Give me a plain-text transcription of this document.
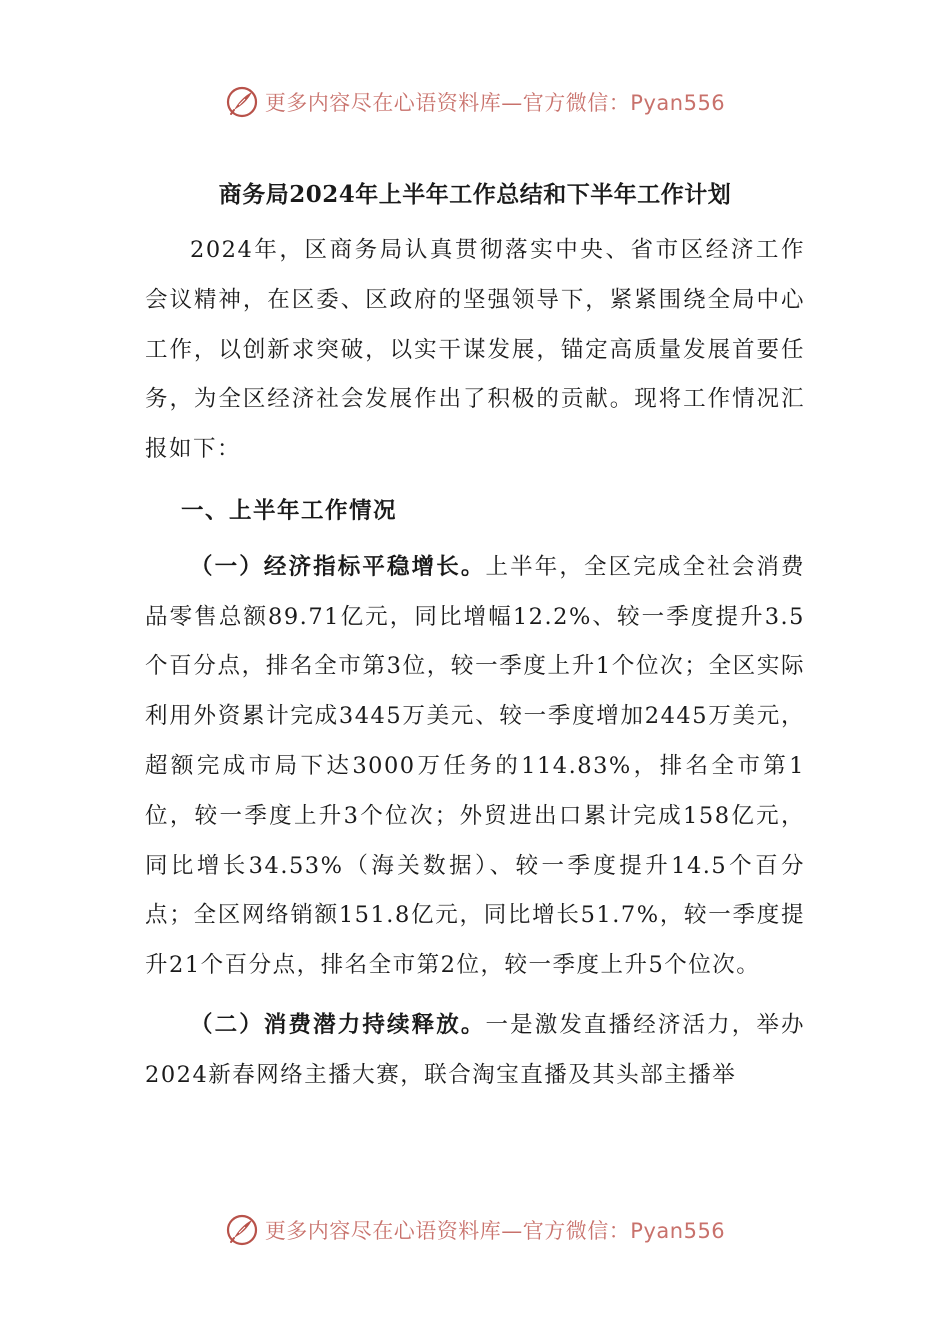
更多内容尽在心语资料库—官方微信：Pyan556
商务局2024年上半年工作总结和下半年工作计划

2024年，区商务局认真贯彻落实中央、省市区经济工作会议精神，在区委、区政府的坚强领导下，紧紧围绕全局中心工作，以创新求突破，以实干谋发展，锚定高质量发展首要任务，为全区经济社会发展作出了积极的贡献。现将工作情况汇报如下：

一、上半年工作情况

（一）经济指标平稳增长。上半年，全区完成全社会消费品零售总额89.71亿元，同比增幅12.2%、较一季度提升3.5个百分点，排名全市第3位，较一季度上升1个位次；全区实际利用外资累计完成3445万美元、较一季度增加2445万美元，超额完成市局下达3000万任务的114.83%，排名全市第1位，较一季度上升3个位次；外贸进出口累计完成158亿元，同比增长34.53%（海关数据）、较一季度提升14.5个百分点；全区网络销额151.8亿元，同比增长51.7%，较一季度提升21个百分点，排名全市第2位，较一季度上升5个位次。

（二）消费潜力持续释放。一是激发直播经济活力，举办2024新春网络主播大赛，联合淘宝直播及其头部主播举

更多内容尽在心语资料库—官方微信：Pyan556
